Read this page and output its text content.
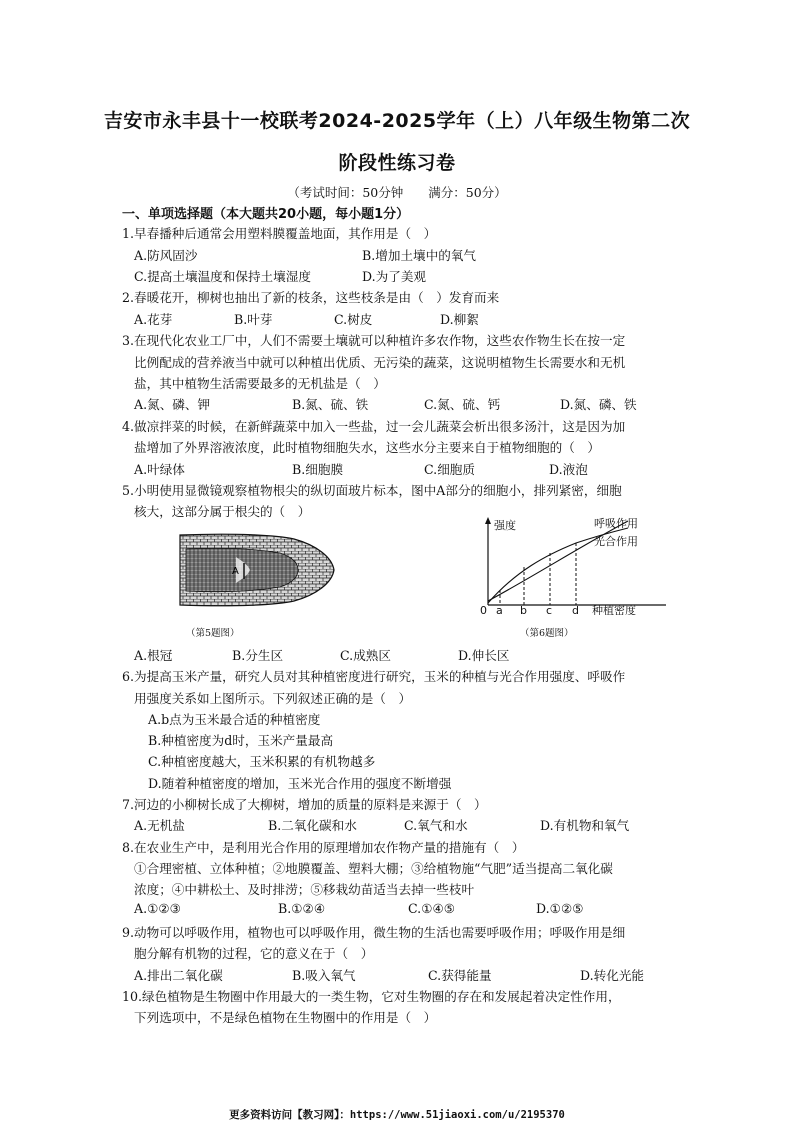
吉安市永丰县十一校联考2024-2025学年（上）八年级生物第二次
阶段性练习卷
（考试时间：50分钟　　满分：50分）
一、单项选择题（本大题共20小题，每小题1分）
1.早春播种后通常会用塑料膜覆盖地面，其作用是（　）
A.防风固沙	B.增加土壤中的氧气
C.提高土壤温度和保持土壤湿度	D.为了美观
2.春暖花开，柳树也抽出了新的枝条，这些枝条是由（　）发育而来
A.花芽	B.叶芽	C.树皮	D.柳絮
3.在现代化农业工厂中，人们不需要土壤就可以种植许多农作物，这些农作物生长在按一定
比例配成的营养液当中就可以种植出优质、无污染的蔬菜，这说明植物生长需要水和无机
盐，其中植物生活需要最多的无机盐是（　）
A.氮、磷、钾	B.氮、硫、铁	C.氮、硫、钙	D.氮、磷、铁
4.做凉拌菜的时候，在新鲜蔬菜中加入一些盐，过一会儿蔬菜会析出很多汤汁，这是因为加
盐增加了外界溶液浓度，此时植物细胞失水，这些水分主要来自于植物细胞的（　）
A.叶绿体	B.细胞膜	C.细胞质	D.液泡
5.小明使用显微镜观察植物根尖的纵切面玻片标本，图中A部分的细胞小，排列紧密，细胞
核大，这部分属于根尖的（　）
A
（第5题图）
强度	呼吸作用
光合作用
0 a b c d 种植密度
（第6题图）
A.根冠	B.分生区	C.成熟区	D.伸长区
6.为提高玉米产量，研究人员对其种植密度进行研究，玉米的种植与光合作用强度、呼吸作
用强度关系如上图所示。下列叙述正确的是（　）
A.b点为玉米最合适的种植密度
B.种植密度为d时，玉米产量最高
C.种植密度越大，玉米积累的有机物越多
D.随着种植密度的增加，玉米光合作用的强度不断增强
7.河边的小柳树长成了大柳树，增加的质量的原料是来源于（　）
A.无机盐	B.二氧化碳和水	C.氧气和水	D.有机物和氧气
8.在农业生产中，是利用光合作用的原理增加农作物产量的措施有（　）
①合理密植、立体种植；②地膜覆盖、塑料大棚；③给植物施“气肥”适当提高二氧化碳
浓度；④中耕松土、及时排涝；⑤移栽幼苗适当去掉一些枝叶
A.①②③	B.①②④	C.①④⑤	D.①②⑤
9.动物可以呼吸作用，植物也可以呼吸作用，微生物的生活也需要呼吸作用；呼吸作用是细
胞分解有机物的过程，它的意义在于（　）
A.排出二氧化碳	B.吸入氧气	C.获得能量	D.转化光能
10.绿色植物是生物圈中作用最大的一类生物，它对生物圈的存在和发展起着决定性作用，
下列选项中，不是绿色植物在生物圈中的作用是（　）
更多资料访问【教习网】：https://www.51jiaoxi.com/u/2195370
